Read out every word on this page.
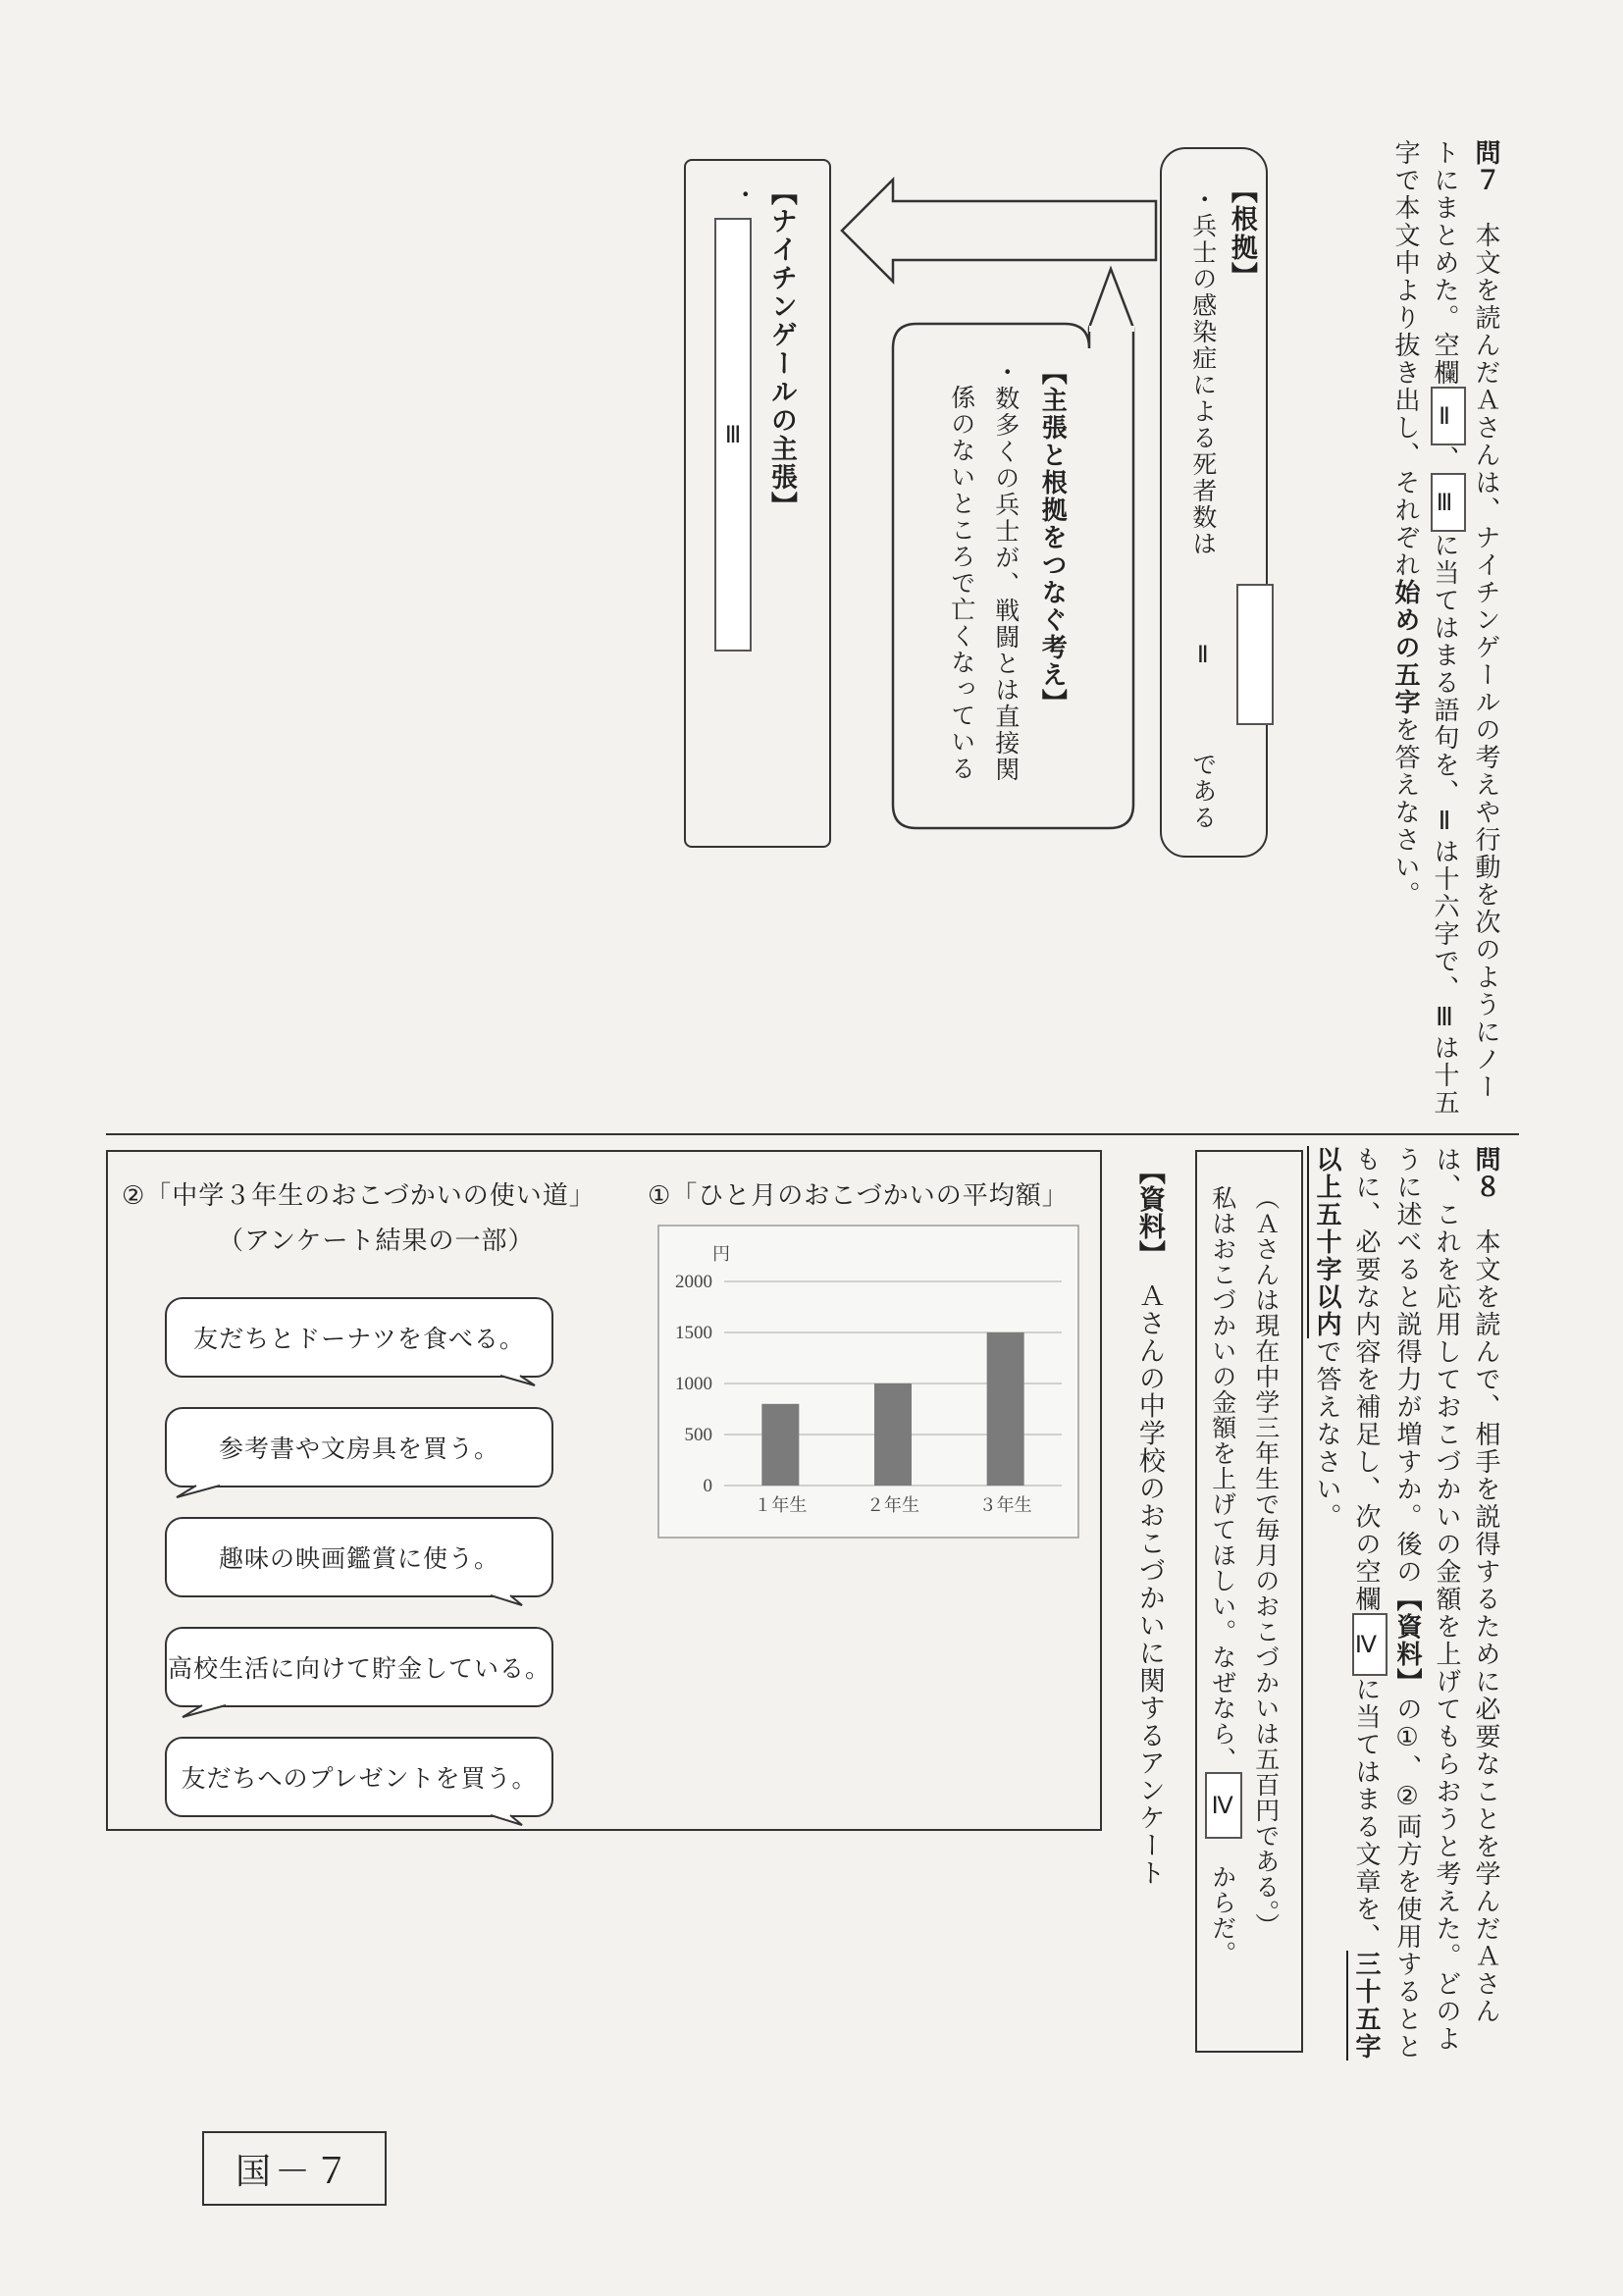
問７　本文を読んだＡさんは、ナイチンゲールの考えや行動を次のようにノートにまとめた。空欄Ⅱ、Ⅲに当てはまる語句を、Ⅱは十六字で、Ⅲは十五字で本文中より抜き出し、それぞれ始めの五字を答えなさい。
【根拠】
・兵士の感染症による死者数は　Ⅱ　である
【主張と根拠をつなぐ考え】
・数多くの兵士が、戦闘とは直接関
係のないところで亡くなっている
【ナイチンゲールの主張】
・
Ⅲ
問８　本文を読んで、相手を説得するために必要なことを学んだＡさんは、これを応用しておこづかいの金額を上げてもらおうと考えた。どのように述べると説得力が増すか。後の【資料】の①、②両方を使用するとともに、必要な内容を補足し、次の空欄Ⅳに当てはまる文章を、三十五字以上五十字以内で答えなさい。
（Ａさんは現在中学三年生で毎月のおこづかいは五百円である。）
私はおこづかいの金額を上げてほしい。なぜなら、Ⅳ　からだ。
【資料】　Ａさんの中学校のおこづかいに関するアンケート
①「ひと月のおこづかいの平均額」
円
0
500
1000
1500
2000
１年生	２年生	３年生
②「中学３年生のおこづかいの使い道」
（アンケート結果の一部）
友だちとドーナツを食べる。
参考書や文房具を買う。
趣味の映画鑑賞に使う。
高校生活に向けて貯金している。
友だちへのプレゼントを買う。
国－７
